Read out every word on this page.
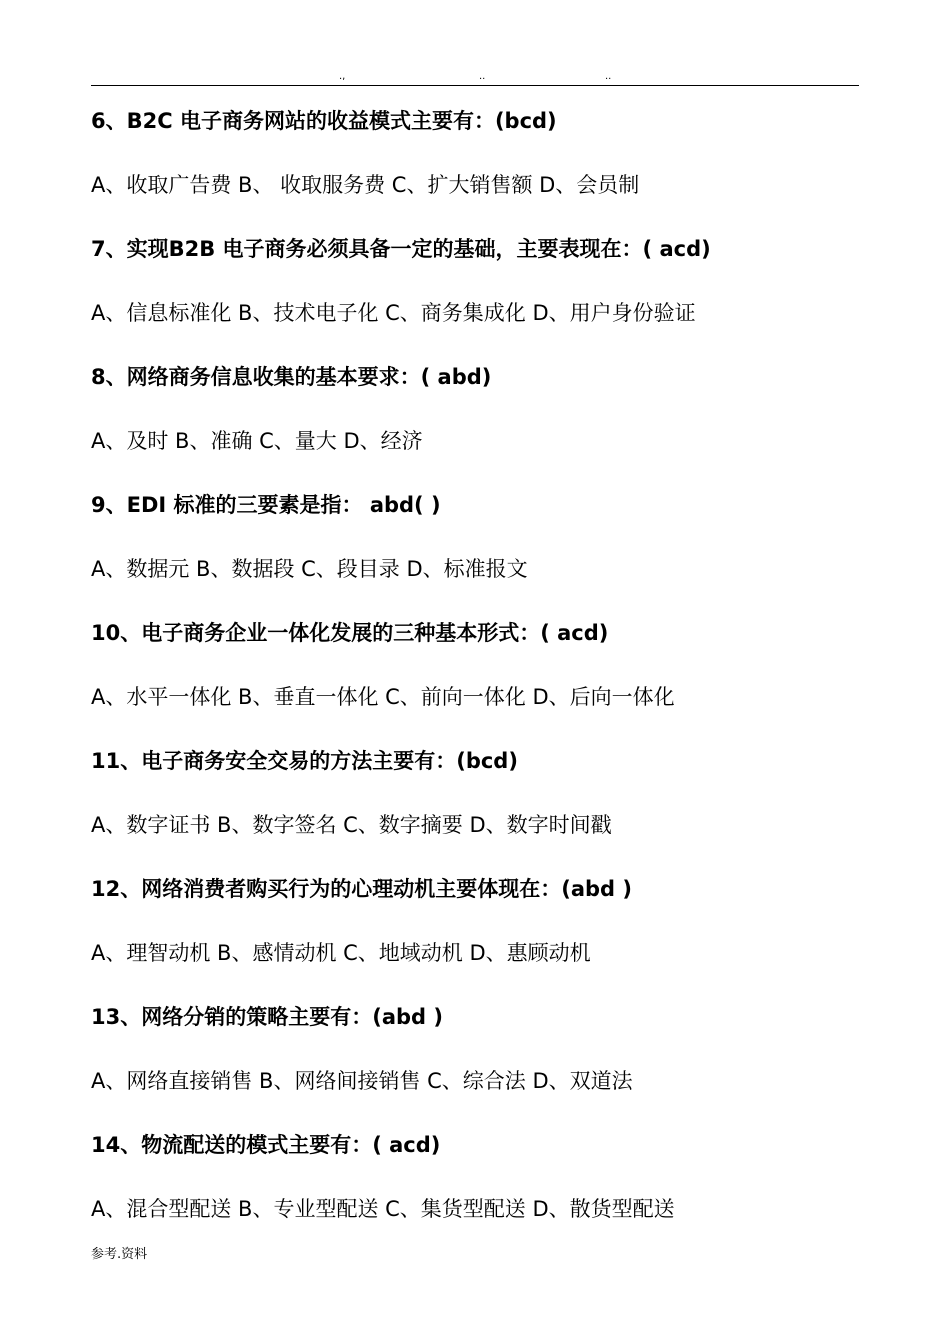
.,	..	..
6、B2C 电子商务网站的收益模式主要有：(bcd)
A、收取广告费 B、 收取服务费 C、扩大销售额 D、会员制
7、实现B2B 电子商务必须具备一定的基础，主要表现在：( acd)
A、信息标准化 B、技术电子化 C、商务集成化 D、用户身份验证
8、网络商务信息收集的基本要求：( abd)
A、及时 B、准确 C、量大 D、经济
9、EDI 标准的三要素是指： abd( )
A、数据元 B、数据段 C、段目录 D、标准报文
10、电子商务企业一体化发展的三种基本形式：( acd)
A、水平一体化 B、垂直一体化 C、前向一体化 D、后向一体化
11、电子商务安全交易的方法主要有：(bcd)
A、数字证书 B、数字签名 C、数字摘要 D、数字时间戳
12、网络消费者购买行为的心理动机主要体现在：(abd )
A、理智动机 B、感情动机 C、地域动机 D、惠顾动机
13、网络分销的策略主要有：(abd )
A、网络直接销售 B、网络间接销售 C、综合法 D、双道法
14、物流配送的模式主要有：( acd)
A、混合型配送 B、专业型配送 C、集货型配送 D、散货型配送
参考.资料
